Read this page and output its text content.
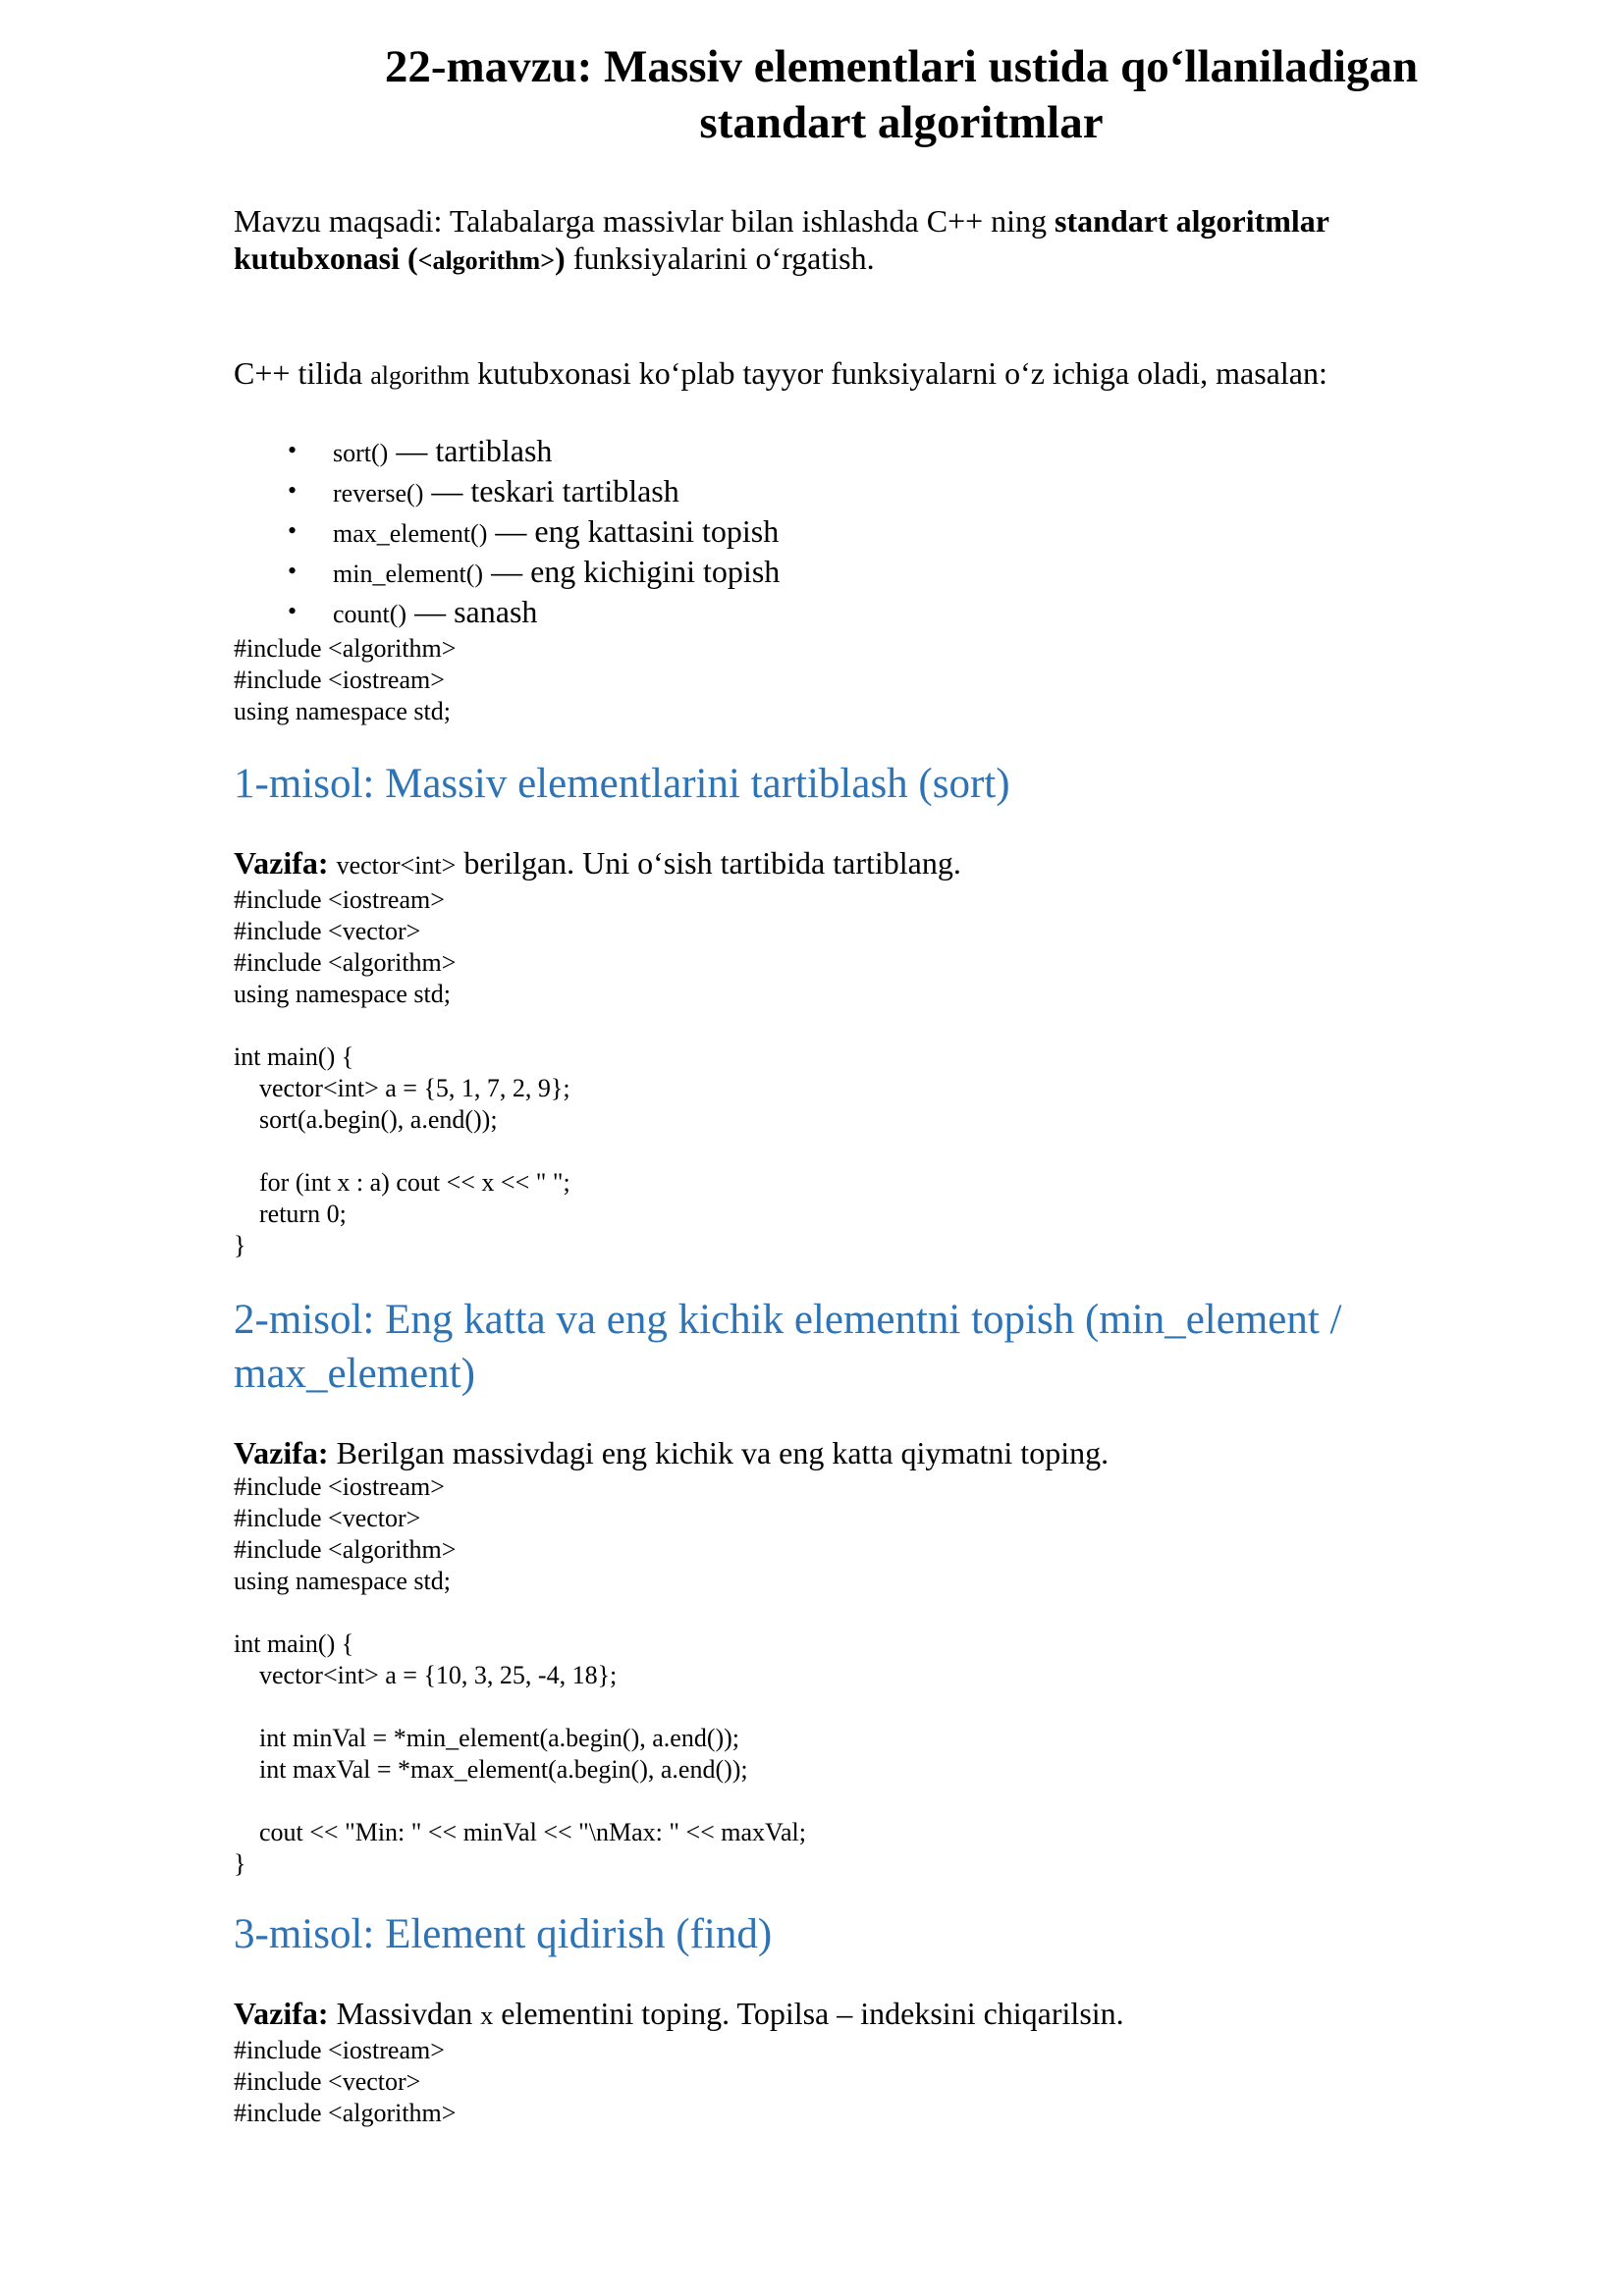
22-mavzu: Massiv elementlari ustida qo‘llaniladigan standart algoritmlar

Mavzu maqsadi: Talabalarga massivlar bilan ishlashda C++ ning standart algoritmlar kutubxonasi (<algorithm>) funksiyalarini o‘rgatish.

C++ tilida algorithm kutubxonasi ko‘plab tayyor funksiyalarni o‘z ichiga oladi, masalan:

• sort() — tartiblash
• reverse() — teskari tartiblash
• max_element() — eng kattasini topish
• min_element() — eng kichigini topish
• count() — sanash
#include <algorithm>
#include <iostream>
using namespace std;
1-misol: Massiv elementlarini tartiblash (sort)

Vazifa: vector<int> berilgan. Uni o‘sish tartibida tartiblang.

#include <iostream>
#include <vector>
#include <algorithm>
using namespace std;

int main() {
vector<int> a = {5, 1, 7, 2, 9};
sort(a.begin(), a.end());

for (int x : a) cout << x << " ";
return 0;
}
2-misol: Eng katta va eng kichik elementni topish (min_element / max_element)

Vazifa: Berilgan massivdagi eng kichik va eng katta qiymatni toping.

#include <iostream>
#include <vector>
#include <algorithm>
using namespace std;

int main() {
vector<int> a = {10, 3, 25, -4, 18};

int minVal = *min_element(a.begin(), a.end());
int maxVal = *max_element(a.begin(), a.end());

cout << "Min: " << minVal << "\nMax: " << maxVal;
}
3-misol: Element qidirish (find)

Vazifa: Massivdan x elementini toping. Topilsa – indeksini chiqarilsin.

#include <iostream>
#include <vector>
#include <algorithm>
